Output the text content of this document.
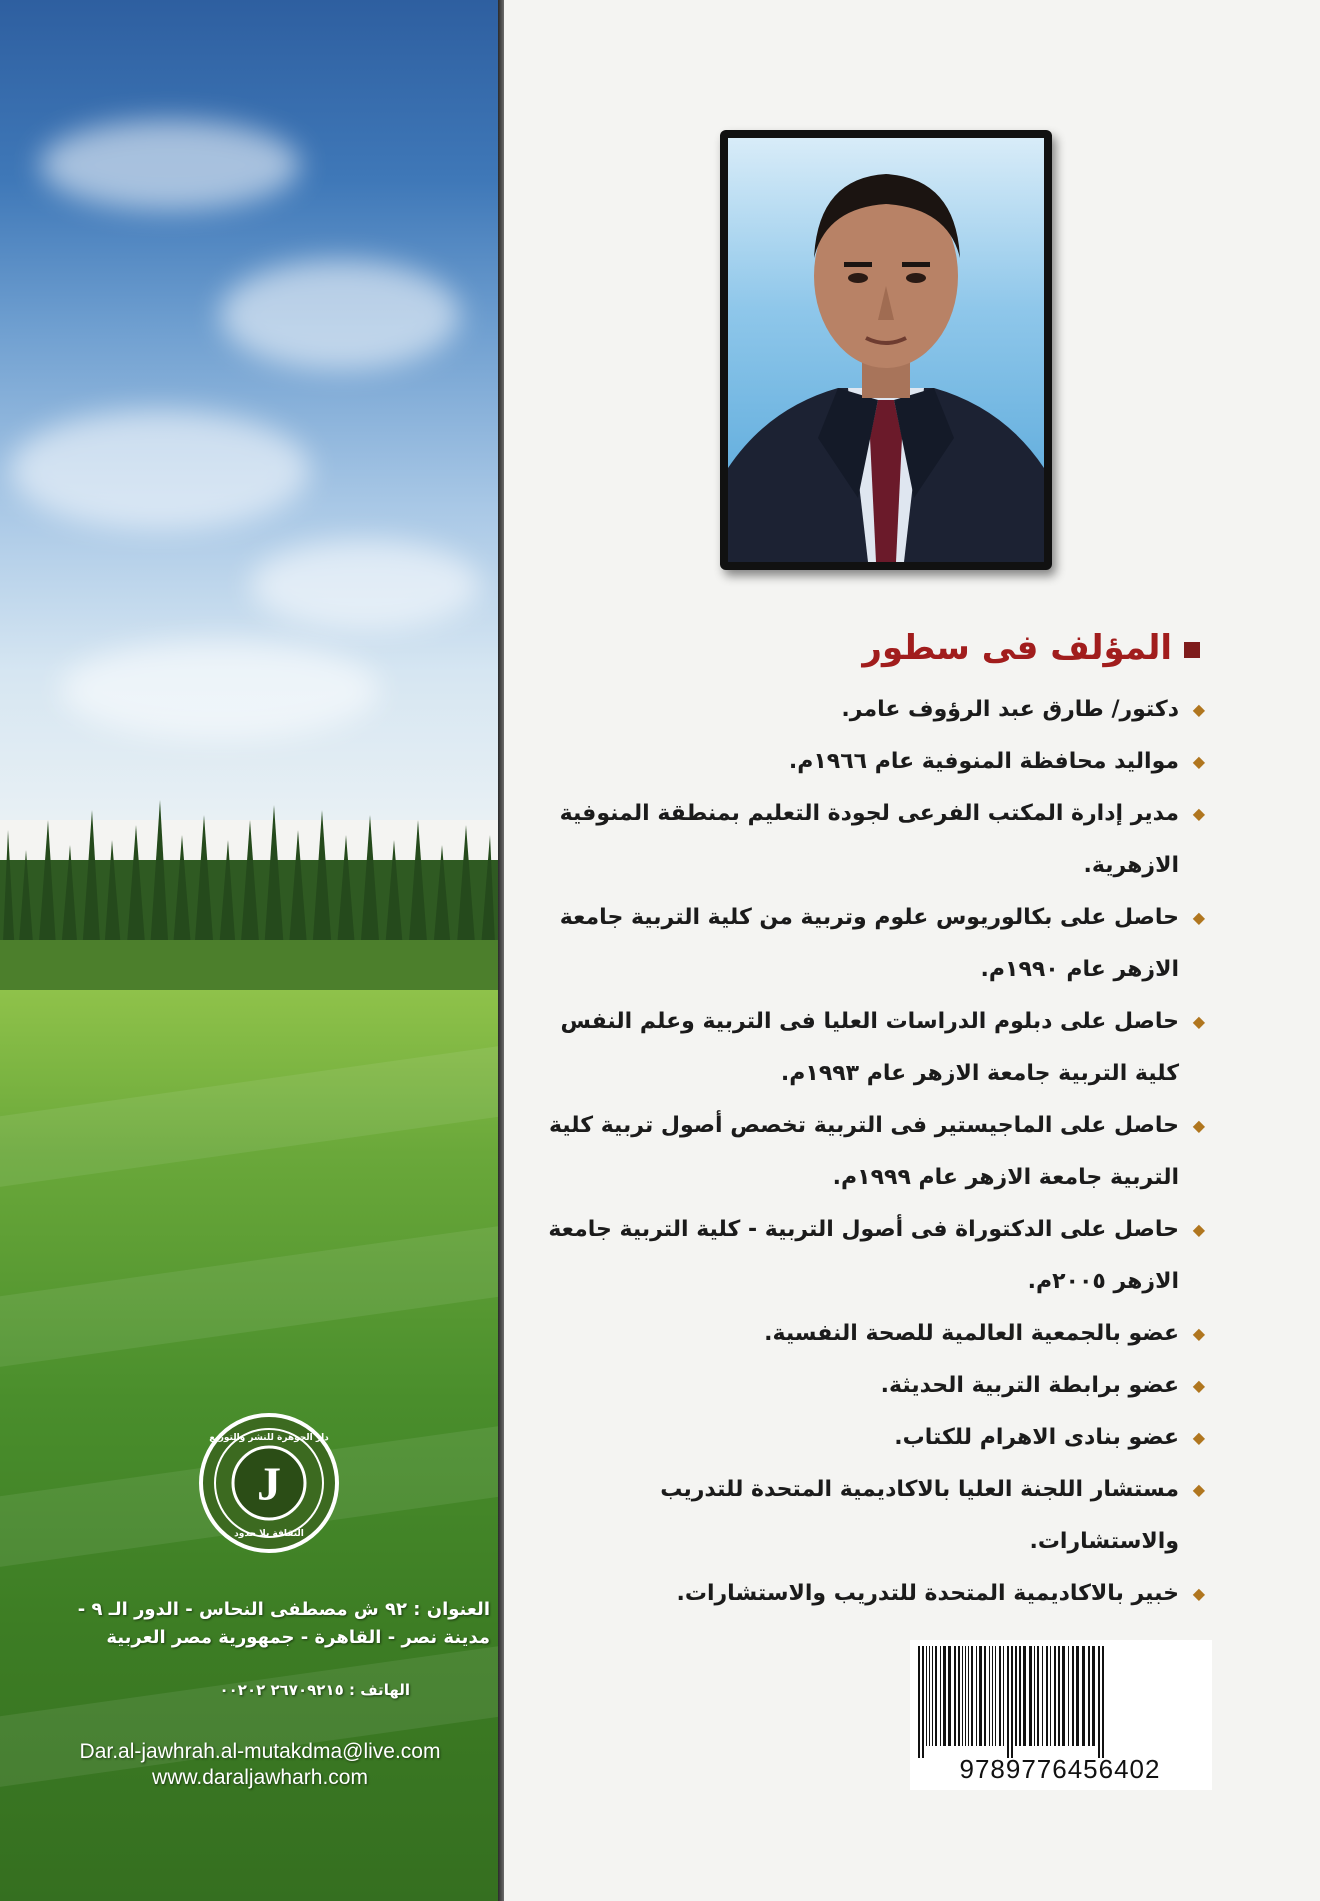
J
دار الجوهرة للنشر والتوزيع
الثقافة بلا حدود
العنوان : ٩٢ ش مصطفى النحاس - الدور الـ ٩ -
مدينة نصر - القاهرة - جمهورية مصر العربية
الهاتف : ٢٦٧٠٩٢١٥ ٠٠٢٠٢
Dar.al-jawhrah.al-mutakdma@live.com
www.daraljawharh.com
المؤلف فى سطور
◆ دكتور/ طارق عبد الرؤوف عامر.
◆ مواليد محافظة المنوفية عام ١٩٦٦م.
◆ مدير إدارة المكتب الفرعى لجودة التعليم بمنطقة المنوفية الازهرية.
◆ حاصل على بكالوريوس علوم وتربية من كلية التربية جامعة الازهر عام ١٩٩٠م.
◆ حاصل على دبلوم الدراسات العليا فى التربية وعلم النفس كلية التربية جامعة الازهر عام ١٩٩٣م.
◆ حاصل على الماجيستير فى التربية تخصص أصول تربية كلية التربية جامعة الازهر عام ١٩٩٩م.
◆ حاصل على الدكتوراة فى أصول التربية - كلية التربية جامعة الازهر ٢٠٠٥م.
◆ عضو بالجمعية العالمية للصحة النفسية.
◆ عضو برابطة التربية الحديثة.
◆ عضو بنادى الاهرام للكتاب.
◆ مستشار اللجنة العليا بالاكاديمية المتحدة للتدريب والاستشارات.
◆ خبير بالاكاديمية المتحدة للتدريب والاستشارات.
9789776456402
